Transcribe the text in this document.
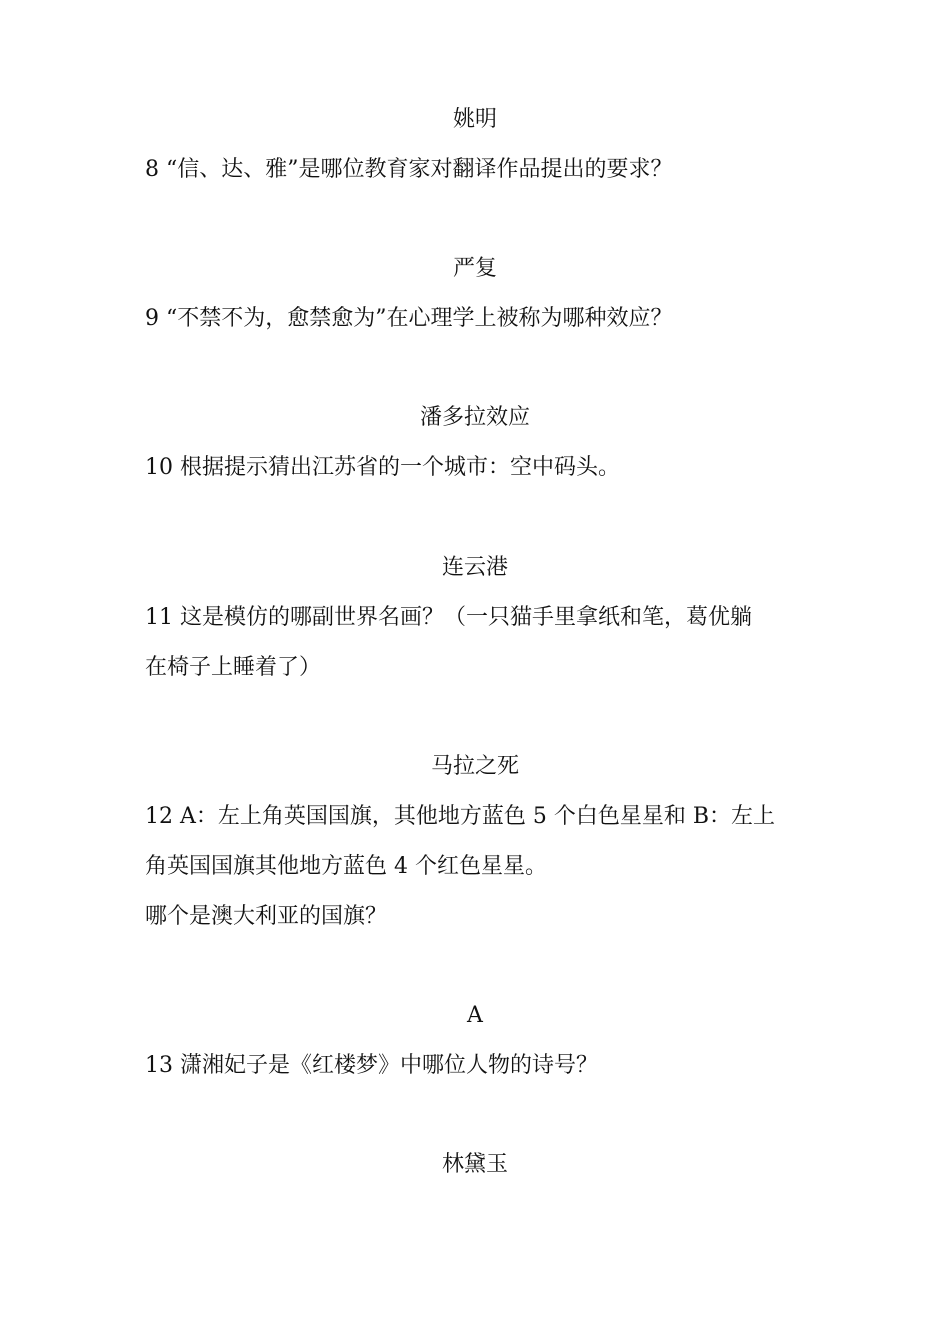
姚明
8 “信、达、雅”是哪位教育家对翻译作品提出的要求？
严复
9 “不禁不为，愈禁愈为”在心理学上被称为哪种效应？
潘多拉效应
10 根据提示猜出江苏省的一个城市：空中码头。
连云港
11 这是模仿的哪副世界名画？（一只猫手里拿纸和笔，葛优躺
在椅子上睡着了）
马拉之死
12 A：左上角英国国旗，其他地方蓝色 5 个白色星星和 B：左上
角英国国旗其他地方蓝色 4 个红色星星。
哪个是澳大利亚的国旗？
A
13 潇湘妃子是《红楼梦》中哪位人物的诗号？
林黛玉
